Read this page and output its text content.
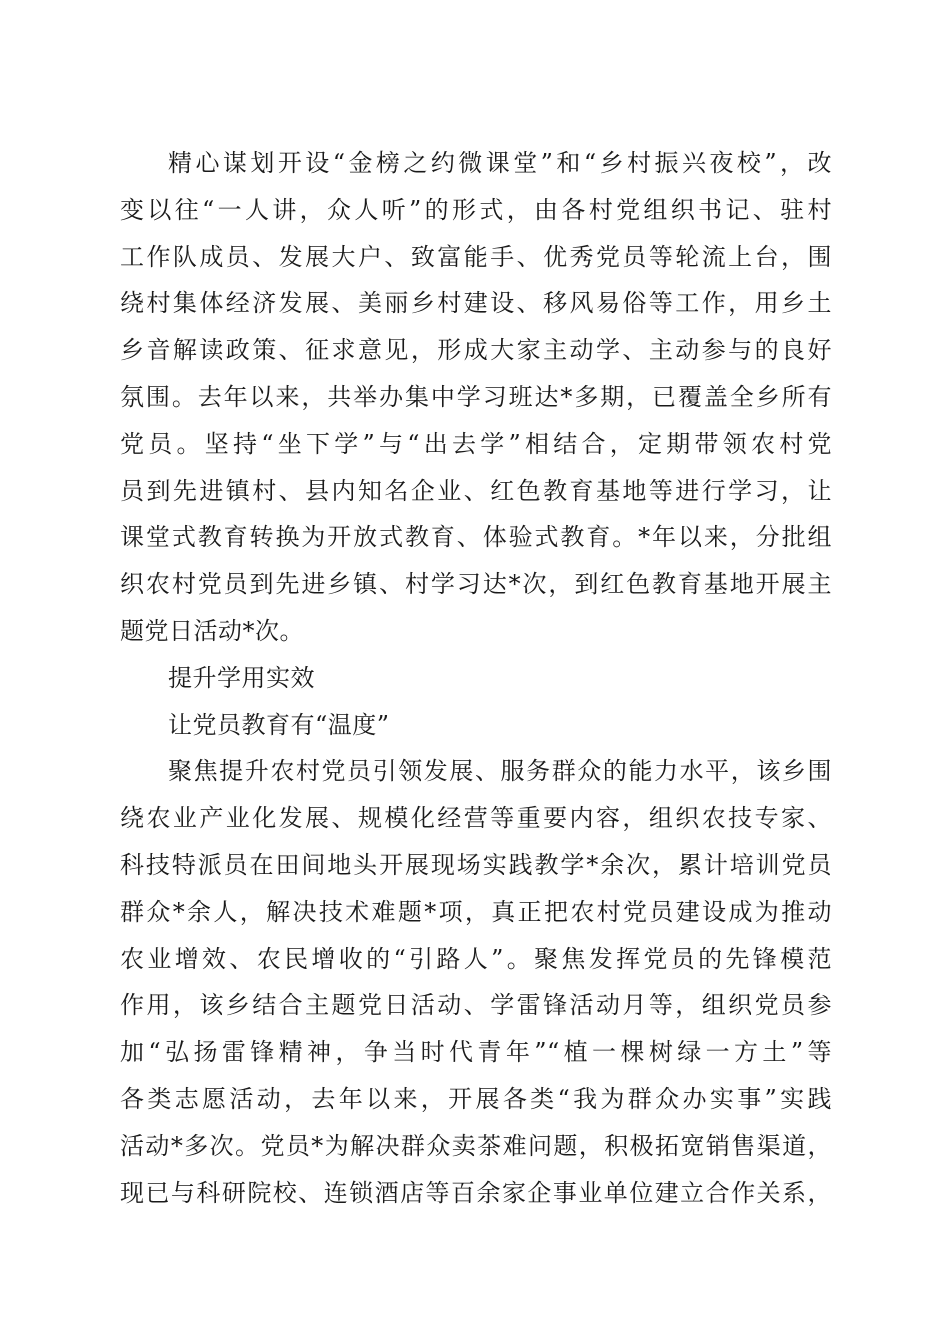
精心谋划开设“金榜之约微课堂”和“乡村振兴夜校”，改
变以往“一人讲，众人听”的形式，由各村党组织书记、驻村
工作队成员、发展大户、致富能手、优秀党员等轮流上台，围
绕村集体经济发展、美丽乡村建设、移风易俗等工作，用乡土
乡音解读政策、征求意见，形成大家主动学、主动参与的良好
氛围。去年以来，共举办集中学习班达*多期，已覆盖全乡所有
党员。坚持“坐下学”与“出去学”相结合，定期带领农村党
员到先进镇村、县内知名企业、红色教育基地等进行学习，让
课堂式教育转换为开放式教育、体验式教育。*年以来，分批组
织农村党员到先进乡镇、村学习达*次，到红色教育基地开展主
题党日活动*次。
提升学用实效
让党员教育有“温度”
聚焦提升农村党员引领发展、服务群众的能力水平，该乡围
绕农业产业化发展、规模化经营等重要内容，组织农技专家、
科技特派员在田间地头开展现场实践教学*余次，累计培训党员
群众*余人，解决技术难题*项，真正把农村党员建设成为推动
农业增效、农民增收的“引路人”。聚焦发挥党员的先锋模范
作用，该乡结合主题党日活动、学雷锋活动月等，组织党员参
加“弘扬雷锋精神，争当时代青年”“植一棵树绿一方土”等
各类志愿活动，去年以来，开展各类“我为群众办实事”实践
活动*多次。党员*为解决群众卖茶难问题，积极拓宽销售渠道，
现已与科研院校、连锁酒店等百余家企事业单位建立合作关系，
